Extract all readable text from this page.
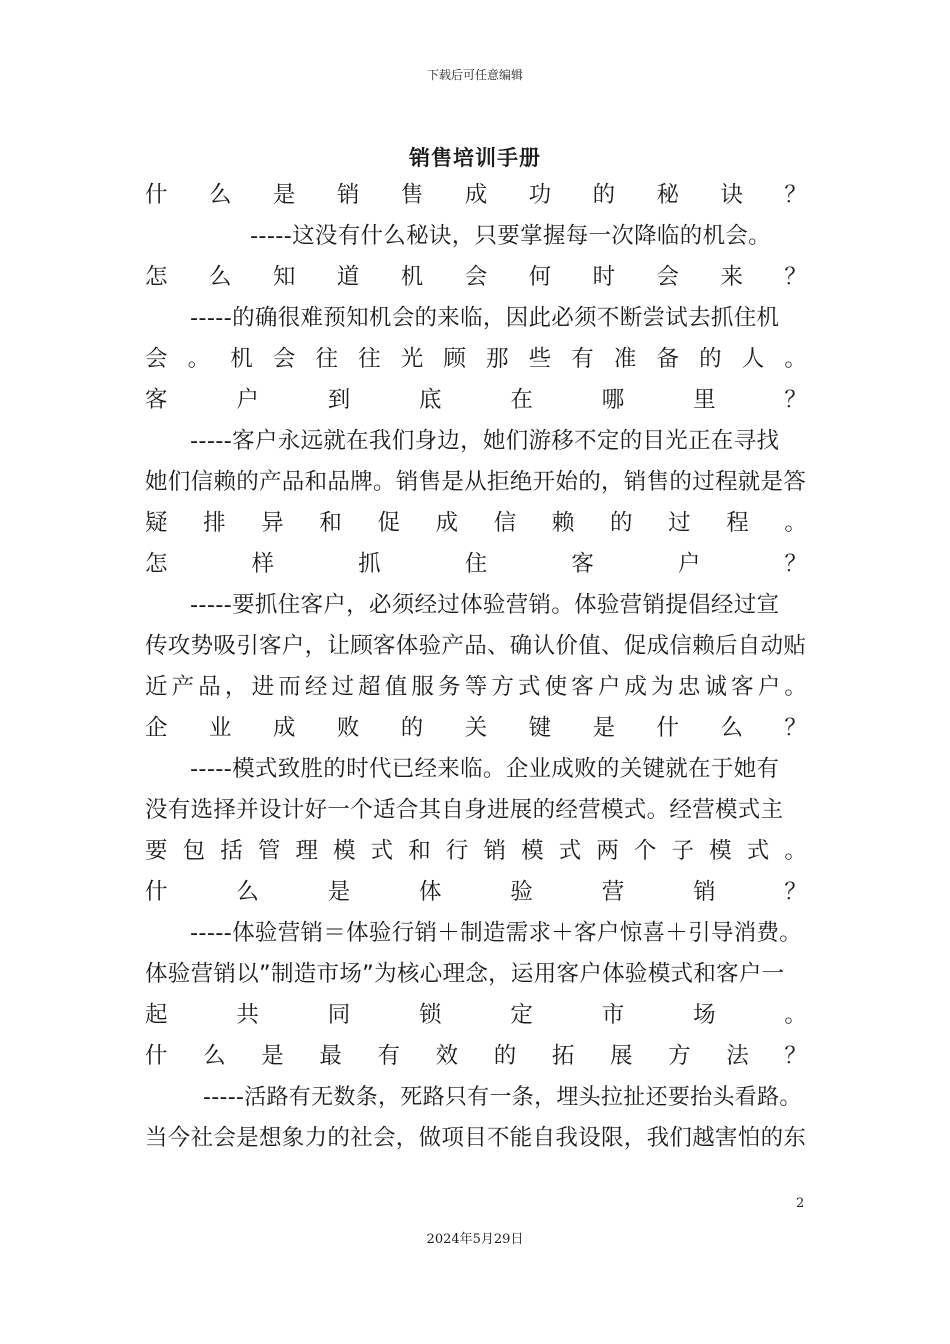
下载后可任意编辑
销售培训手册
什 么 是 销 售 成 功 的 秘 诀 ？
-----这没有什么秘诀，只要掌握每一次降临的机会。
怎 么 知 道 机 会 何 时 会 来 ？
-----的确很难预知机会的来临，因此必须不断尝试去抓住机
会 。 机 会 往 往 光 顾 那 些 有 准 备 的 人 。
客	户	到	底	在	哪	里	？
-----客户永远就在我们身边，她们游移不定的目光正在寻找
她们信赖的产品和品牌。销售是从拒绝开始的，销售的过程就是答
疑 排 异 和 促 成 信 赖 的 过 程 。
怎	样	抓	住	客	户	？
-----要抓住客户，必须经过体验营销。体验营销提倡经过宣
传攻势吸引客户，让顾客体验产品、确认价值、促成信赖后自动贴
近 产 品 ， 进 而 经 过 超 值 服 务 等 方 式 使 客 户 成 为 忠 诚 客 户 。
企 业 成 败 的 关 键 是 什 么 ？
-----模式致胜的时代已经来临。企业成败的关键就在于她有
没有选择并设计好一个适合其自身进展的经营模式。经营模式主
要 包 括 管 理 模 式 和 行 销 模 式 两 个 子 模 式 。
什	么	是	体	验	营	销	？
-----体验营销＝体验行销＋制造需求＋客户惊喜＋引导消费。
体验营销以”制造市场”为核心理念，运用客户体验模式和客户一
起	共	同	锁	定	市	场	。
什 么 是 最 有 效 的 拓 展 方 法 ？
-----活路有无数条，死路只有一条，埋头拉扯还要抬头看路。
当今社会是想象力的社会，做项目不能自我设限，我们越害怕的东
2
2024年5月29日
